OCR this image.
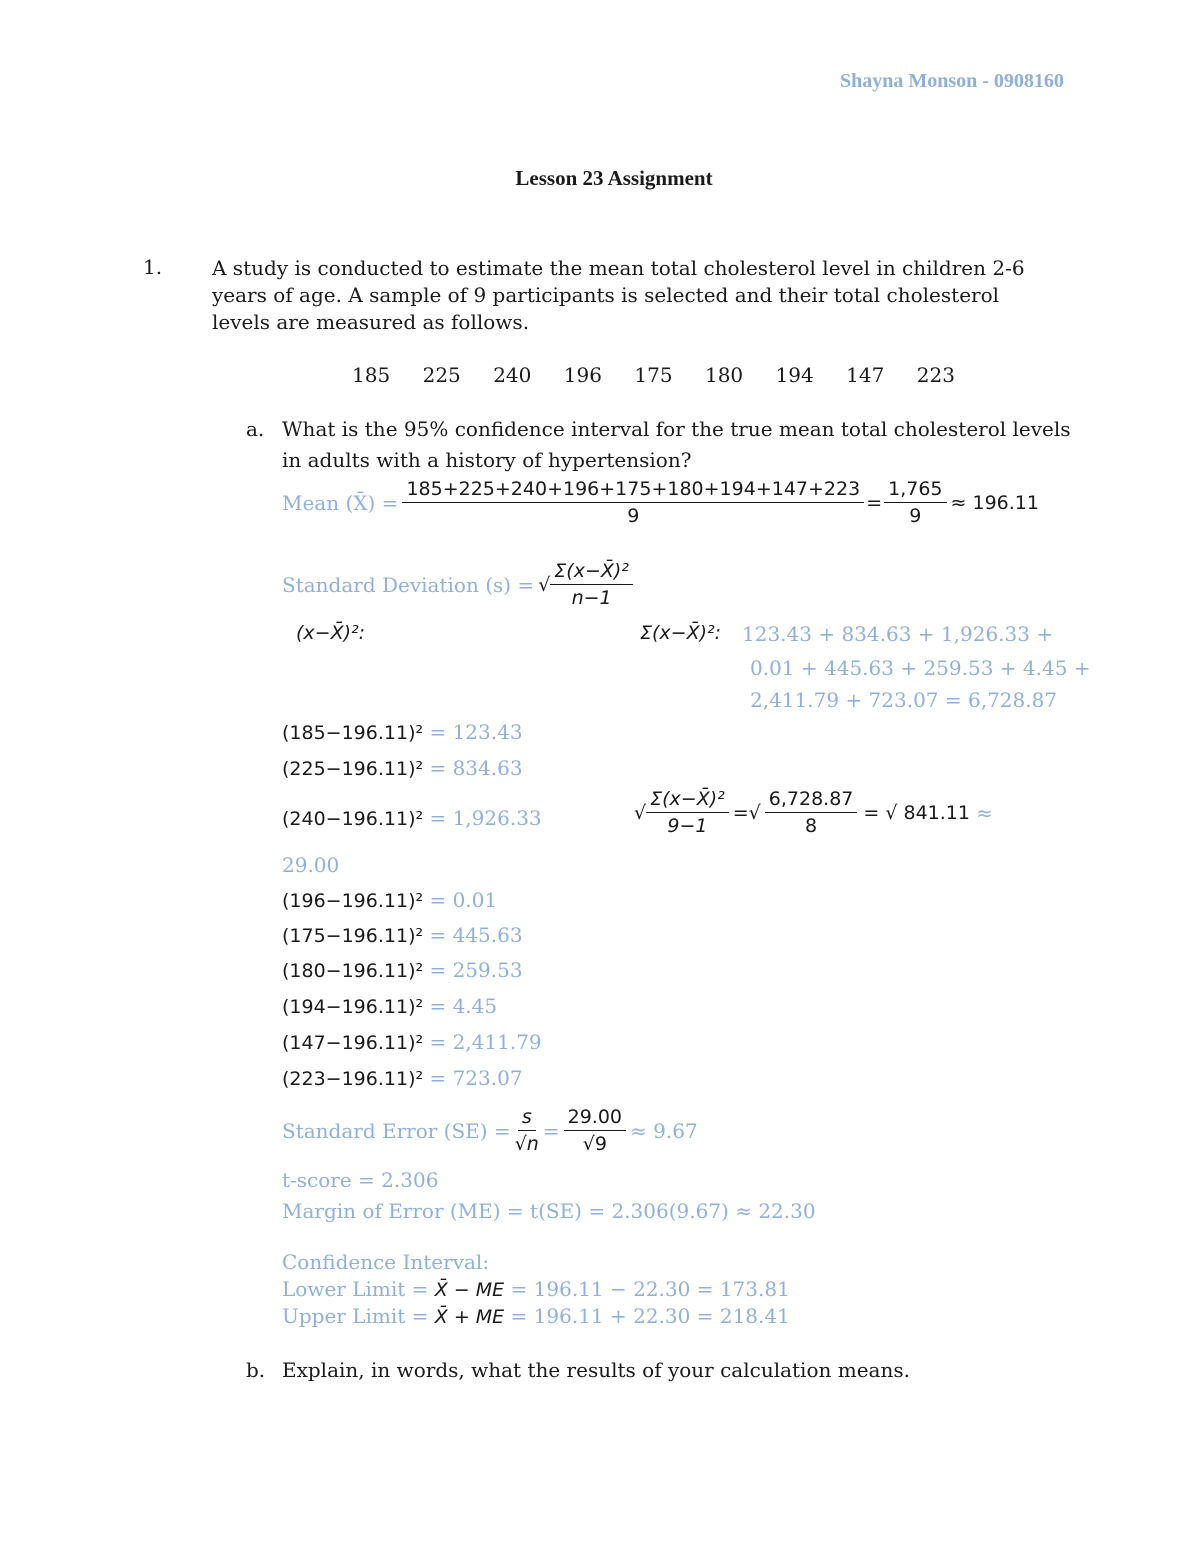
Shayna Monson - 0908160
Lesson 23 Assignment
1. A study is conducted to estimate the mean total cholesterol level in children 2-6 years of age. A sample of 9 participants is selected and their total cholesterol levels are measured as follows.
185	225	240	196	175	180	194	147	223
a. What is the 95% confidence interval for the true mean total cholesterol levels in adults with a history of hypertension?
Mean (X̄) = $\frac{185+225+240+196+175+180+194+147+223}{9} = \frac{1,765}{9} \approx 196.11$
Standard Deviation (s) = √ $\frac{\text{Σ(x−X̄)²}}{n-1}$
(x−X̄)²:	Σ(x−X̄)²: 123.43 + 834.63 + 1,926.33 +
0.01 + 445.63 + 259.53 + 4.45 +
2,411.79 + 723.07 = 6,728.87
(185−196.11)² = 123.43
(225−196.11)² = 834.63
(240−196.11)² = 1,926.33	√ $\frac{\text{Σ(x−X̄)²}}{9-1}$ =√ $\frac{6,728.87}{8}$ = √ 841.11 ≈
29.00
(196−196.11)² = 0.01
(175−196.11)² = 445.63
(180−196.11)² = 259.53
(194−196.11)² = 4.45
(147−196.11)² = 2,411.79
(223−196.11)² = 723.07
Standard Error $(SE) = \frac{s}{√n} = \frac{29.00}{√9} \approx 9.67$
t-score = 2.306
Margin of Error (ME) = t(SE) = 2.306(9.67) ≈ 22.30
Confidence Interval:
Lower Limit = X̄ − ME = 196.11 − 22.30 = 173.81
Upper Limit = X̄ + ME = 196.11 + 22.30 = 218.41
b. Explain, in words, what the results of your calculation means.
